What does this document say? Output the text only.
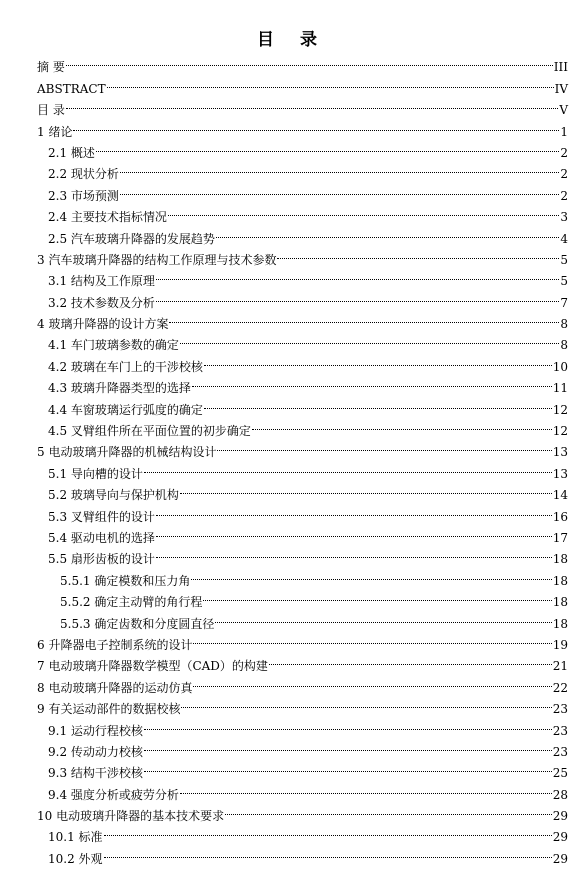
目 录
摘 要	III
ABSTRACT	IV
目 录	V
1 绪论	1
2.1 概述	2
2.2 现状分析	2
2.3 市场预测	2
2.4 主要技术指标情况	3
2.5 汽车玻璃升降器的发展趋势	4
3 汽车玻璃升降器的结构工作原理与技术参数	5
3.1 结构及工作原理	5
3.2 技术参数及分析	7
4 玻璃升降器的设计方案	8
4.1 车门玻璃参数的确定	8
4.2 玻璃在车门上的干涉校核	10
4.3 玻璃升降器类型的选择	11
4.4 车窗玻璃运行弧度的确定	12
4.5 叉臂组件所在平面位置的初步确定	12
5 电动玻璃升降器的机械结构设计	13
5.1 导向槽的设计	13
5.2 玻璃导向与保护机构	14
5.3 叉臂组件的设计	16
5.4 驱动电机的选择	17
5.5 扇形齿板的设计	18
5.5.1 确定模数和压力角	18
5.5.2 确定主动臂的角行程	18
5.5.3 确定齿数和分度圆直径	18
6 升降器电子控制系统的设计	19
7 电动玻璃升降器数学模型（CAD）的构建	21
8 电动玻璃升降器的运动仿真	22
9 有关运动部件的数据校核	23
9.1 运动行程校核	23
9.2 传动动力校核	23
9.3 结构干涉校核	25
9.4 强度分析或疲劳分析	28
10 电动玻璃升降器的基本技术要求	29
10.1 标准	29
10.2 外观	29
